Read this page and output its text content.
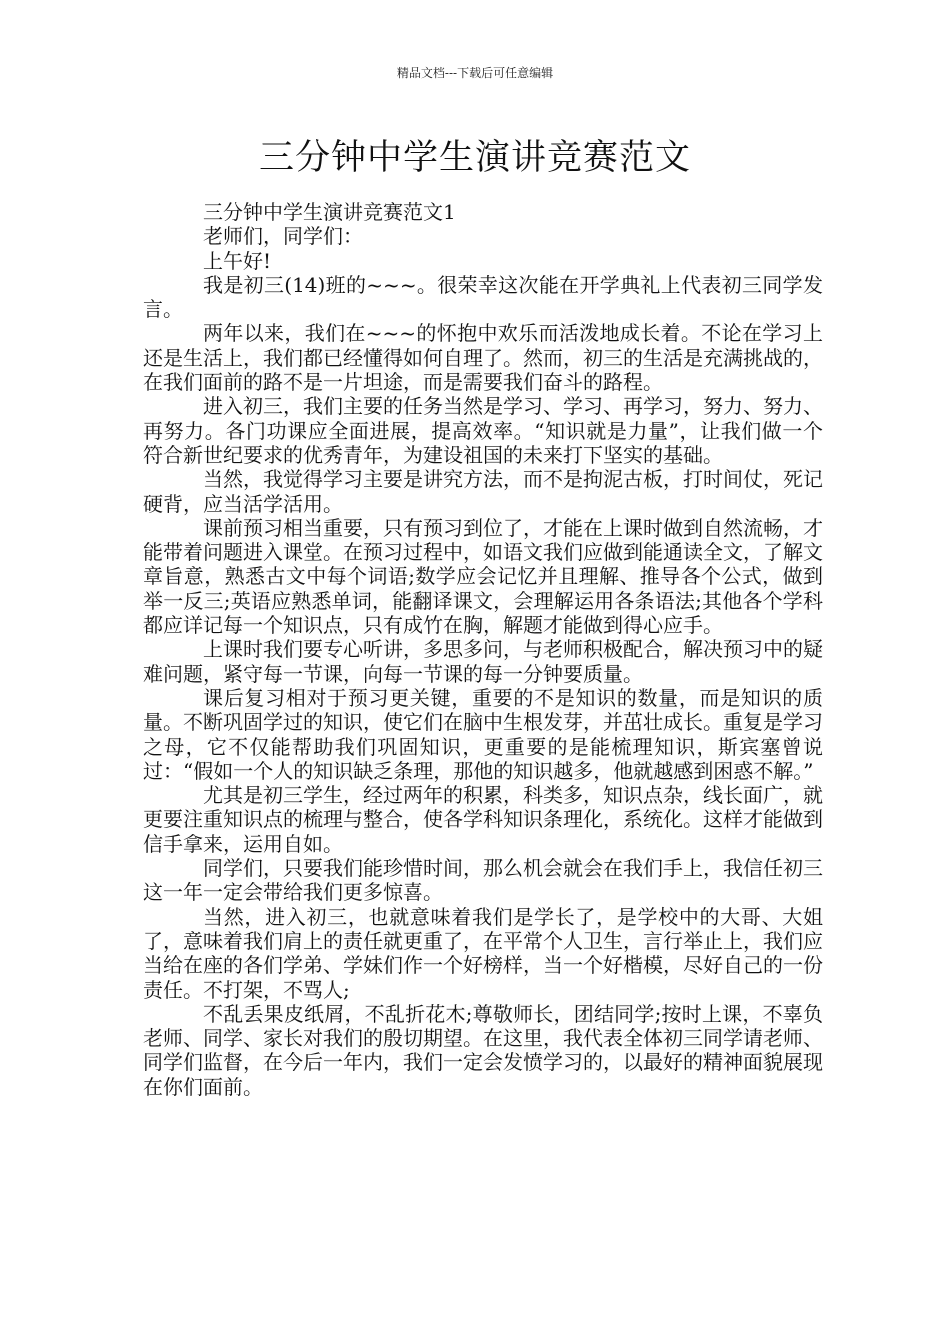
精品文档---下载后可任意编辑
三分钟中学生演讲竞赛范文

三分钟中学生演讲竞赛范文1

老师们，同学们：

上午好!

我是初三(14)班的~~~。很荣幸这次能在开学典礼上代表初三同学发言。

两年以来，我们在~~~的怀抱中欢乐而活泼地成长着。不论在学习上还是生活上，我们都已经懂得如何自理了。然而，初三的生活是充满挑战的，在我们面前的路不是一片坦途，而是需要我们奋斗的路程。

进入初三，我们主要的任务当然是学习、学习、再学习，努力、努力、再努力。各门功课应全面进展，提高效率。“知识就是力量”，让我们做一个符合新世纪要求的优秀青年，为建设祖国的未来打下坚实的基础。

当然，我觉得学习主要是讲究方法，而不是拘泥古板，打时间仗，死记硬背，应当活学活用。

课前预习相当重要，只有预习到位了，才能在上课时做到自然流畅，才能带着问题进入课堂。在预习过程中，如语文我们应做到能通读全文，了解文章旨意，熟悉古文中每个词语;数学应会记忆并且理解、推导各个公式，做到举一反三;英语应熟悉单词，能翻译课文，会理解运用各条语法;其他各个学科都应详记每一个知识点，只有成竹在胸，解题才能做到得心应手。

上课时我们要专心听讲，多思多问，与老师积极配合，解决预习中的疑难问题，紧守每一节课，向每一节课的每一分钟要质量。

课后复习相对于预习更关键，重要的不是知识的数量，而是知识的质量。不断巩固学过的知识，使它们在脑中生根发芽，并茁壮成长。重复是学习之母，它不仅能帮助我们巩固知识，更重要的是能梳理知识，斯宾塞曾说过：“假如一个人的知识缺乏条理，那他的知识越多，他就越感到困惑不解。”

尤其是初三学生，经过两年的积累，科类多，知识点杂，线长面广，就更要注重知识点的梳理与整合，使各学科知识条理化，系统化。这样才能做到信手拿来，运用自如。

同学们，只要我们能珍惜时间，那么机会就会在我们手上，我信任初三这一年一定会带给我们更多惊喜。

当然，进入初三，也就意味着我们是学长了，是学校中的大哥、大姐了，意味着我们肩上的责任就更重了，在平常个人卫生，言行举止上，我们应当给在座的各们学弟、学妹们作一个好榜样，当一个好楷模，尽好自己的一份责任。不打架，不骂人;

不乱丢果皮纸屑，不乱折花木;尊敬师长，团结同学;按时上课，不辜负老师、同学、家长对我们的殷切期望。在这里，我代表全体初三同学请老师、同学们监督，在今后一年内，我们一定会发愤学习的，以最好的精神面貌展现在你们面前。
